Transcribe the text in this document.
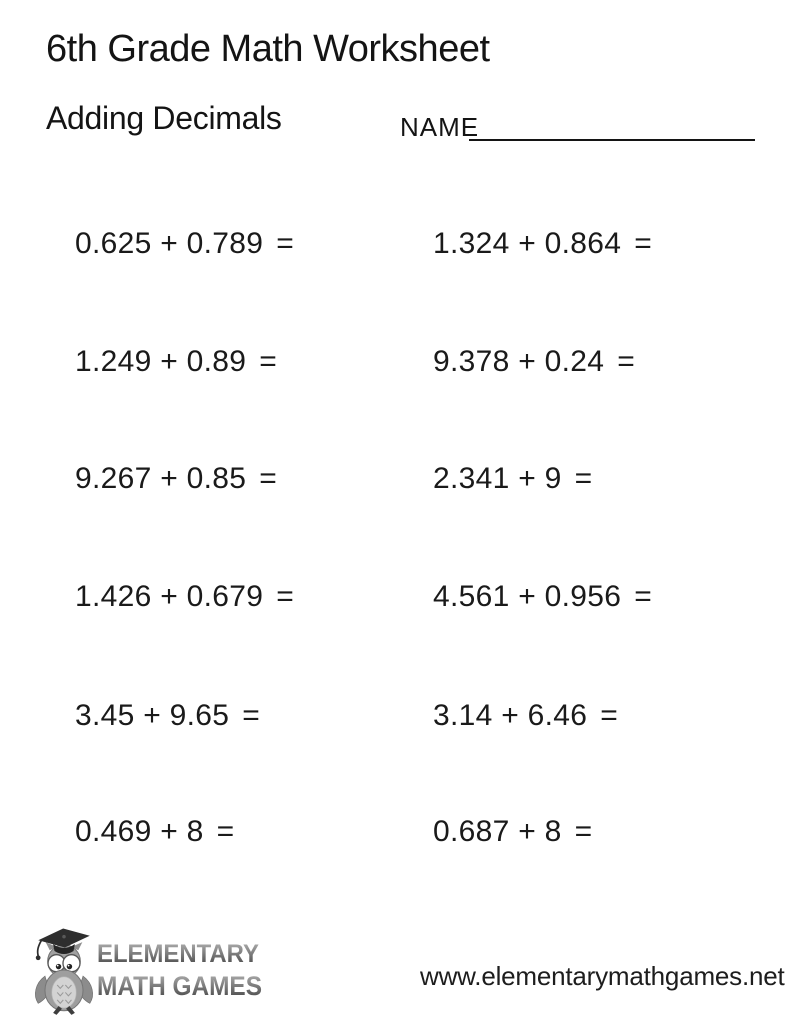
6th Grade Math Worksheet
Adding Decimals	NAME
0.625 + 0.789 =	1.324 + 0.864 =
1.249 + 0.89 =	9.378 + 0.24 =
9.267 + 0.85 =	2.341 + 9 =
1.426 + 0.679 =	4.561 + 0.956 =
3.45 + 9.65 =	3.14 + 6.46 =
0.469 + 8 =	0.687 + 8 =
ELEMENTARY
MATH GAMES	www.elementarymathgames.net
